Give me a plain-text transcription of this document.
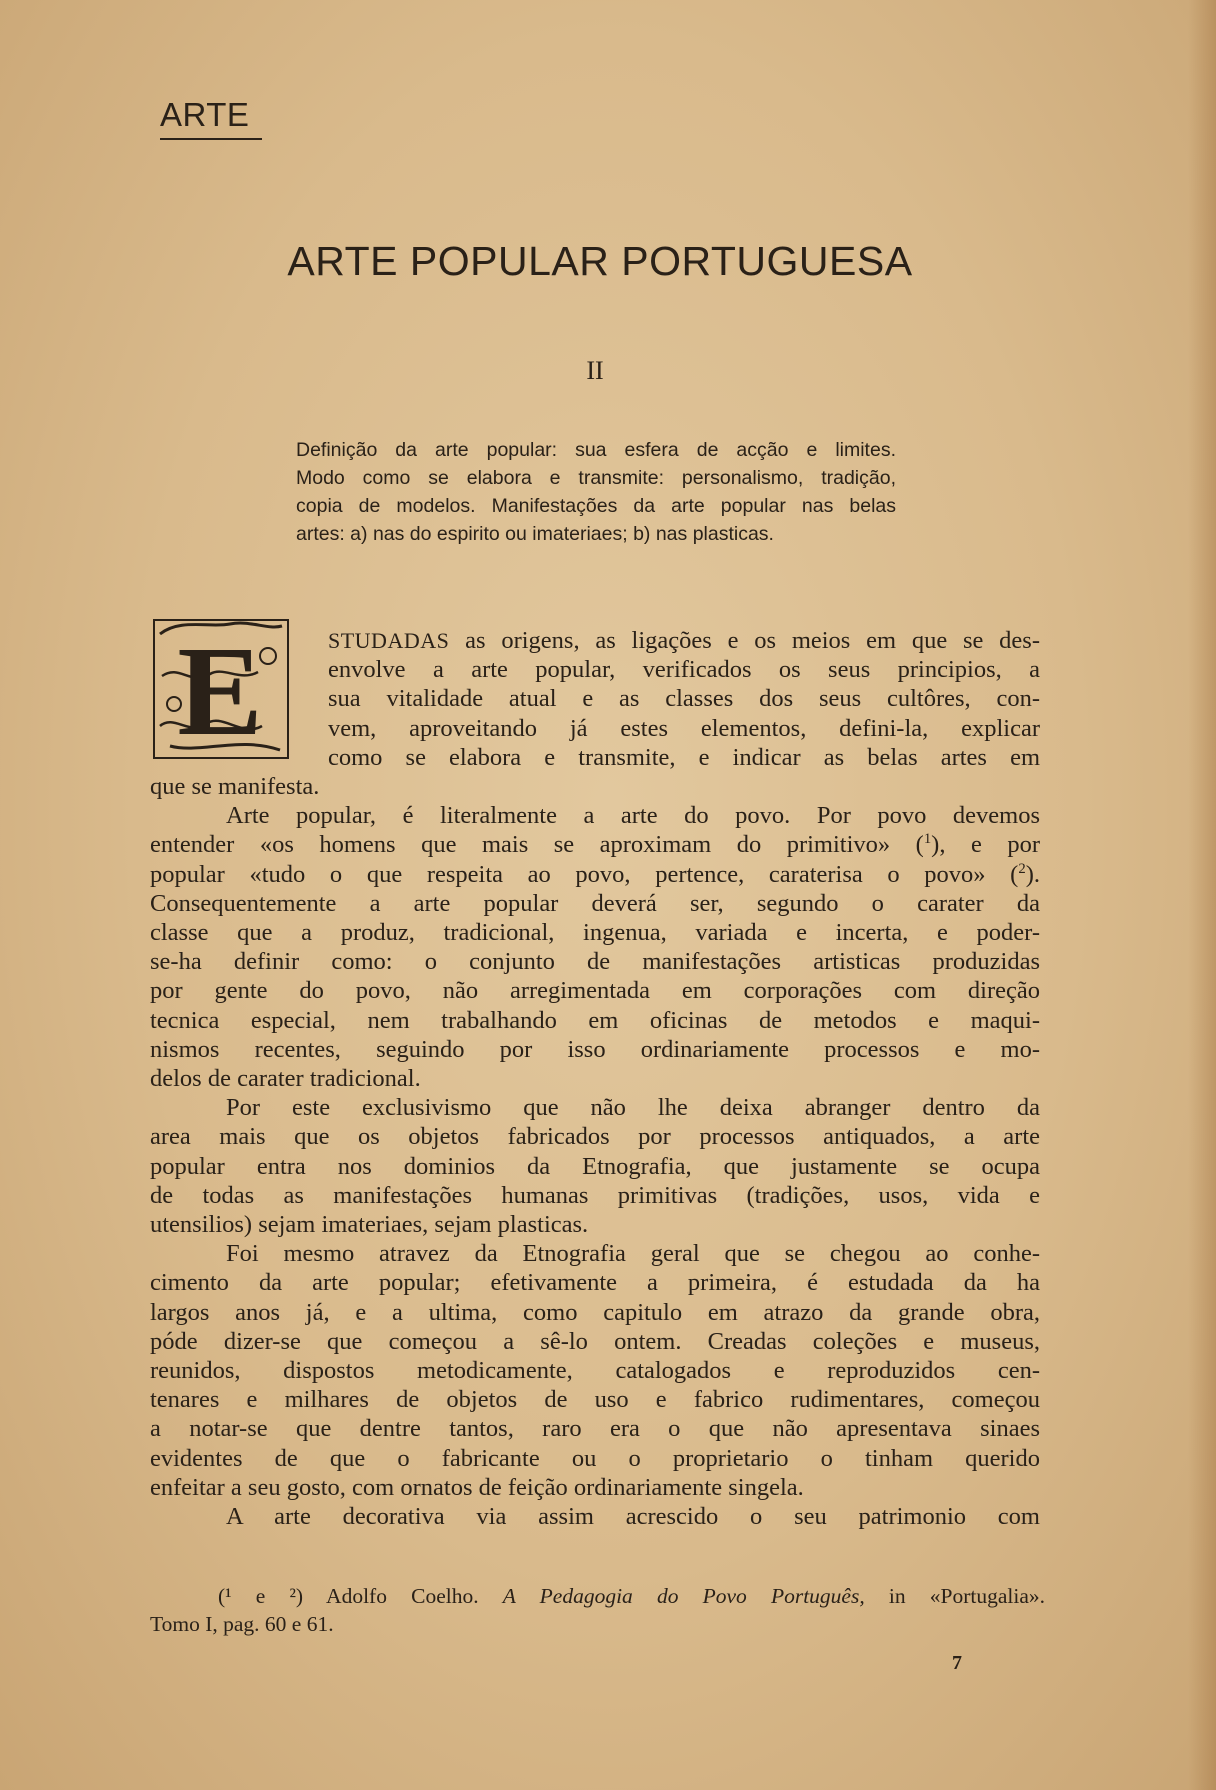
ARTE
ARTE POPULAR PORTUGUESA
II
Definição da arte popular: sua esfera de acção e limites.
Modo como se elabora e transmite: personalismo, tradição,
copia de modelos. Manifestações da arte popular nas belas
artes: a) nas do espirito ou imateriaes; b) nas plasticas.
E	STUDADAS as origens, as ligações e os meios em que se des-
envolve a arte popular, verificados os seus principios, a
sua vitalidade atual e as classes dos seus cultôres, con-
vem, aproveitando já estes elementos, defini-la, explicar
como se elabora e transmite, e indicar as belas artes em
que se manifesta.
Arte popular, é literalmente a arte do povo. Por povo devemos
entender «os homens que mais se aproximam do primitivo» ($^1$), e por
popular «tudo o que respeita ao povo, pertence, caraterisa o povo» ($^2$).
Consequentemente a arte popular deverá ser, segundo o carater da
classe que a produz, tradicional, ingenua, variada e incerta, e poder-
se-ha definir como: o conjunto de manifestações artisticas produzidas
por gente do povo, não arregimentada em corporações com direção
tecnica especial, nem trabalhando em oficinas de metodos e maqui-
nismos recentes, seguindo por isso ordinariamente processos e mo-
delos de carater tradicional.
Por este exclusivismo que não lhe deixa abranger dentro da
area mais que os objetos fabricados por processos antiquados, a arte
popular entra nos dominios da Etnografia, que justamente se ocupa
de todas as manifestações humanas primitivas (tradições, usos, vida e
utensilios) sejam imateriaes, sejam plasticas.
Foi mesmo atravez da Etnografia geral que se chegou ao conhe-
cimento da arte popular; efetivamente a primeira, é estudada da ha
largos anos já, e a ultima, como capitulo em atrazo da grande obra,
póde dizer-se que começou a sê-lo ontem. Creadas coleções e museus,
reunidos, dispostos metodicamente, catalogados e reproduzidos cen-
tenares e milhares de objetos de uso e fabrico rudimentares, começou
a notar-se que dentre tantos, raro era o que não apresentava sinaes
evidentes de que o fabricante ou o proprietario o tinham querido
enfeitar a seu gosto, com ornatos de feição ordinariamente singela.
A arte decorativa via assim acrescido o seu patrimonio com
(¹ e ²) Adolfo Coelho. A Pedagogia do Povo Português, in «Portugalia».
Tomo I, pag. 60 e 61.
7
